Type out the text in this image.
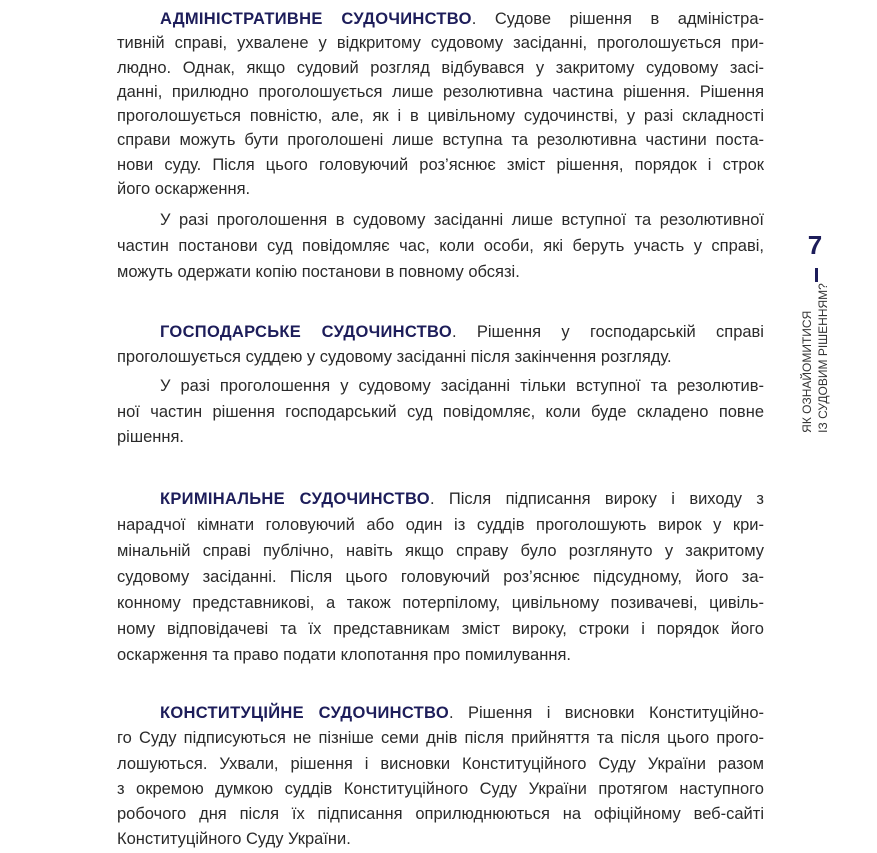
7
ЯК ОЗНАЙОМИТИСЯ ІЗ СУДОВИМ РІШЕННЯМ?
АДМІНІСТРАТИВНЕ СУДОЧИНСТВО. Судове рішення в адміністра-
тивній справі, ухвалене у відкритому судовому засіданні, проголошується при-
людно. Однак, якщо судовий розгляд відбувався у закритому судовому засі-
данні, прилюдно проголошується лише резолютивна частина рішення. Рішення
проголошується повністю, але, як і в цивільному судочинстві, у разі складності
справи можуть бути проголошені лише вступна та резолютивна частини поста-
нови суду. Після цього головуючий роз’яснює зміст рішення, порядок і строк
його оскарження.
У разі проголошення в судовому засіданні лише вступної та резолютивної
частин постанови суд повідомляє час, коли особи, які беруть участь у справі,
можуть одержати копію постанови в повному обсязі.
ГОСПОДАРСЬКЕ СУДОЧИНСТВО. Рішення у господарській справі
проголошується суддею у судовому засіданні після закінчення розгляду.
У разі проголошення у судовому засіданні тільки вступної та резолютив-
ної частин рішення господарський суд повідомляє, коли буде складено повне
рішення.
КРИМІНАЛЬНЕ СУДОЧИНСТВО. Після підписання вироку і виходу з
нарадчої кімнати головуючий або один із суддів проголошують вирок у кри-
мінальній справі публічно, навіть якщо справу було розглянуто у закритому
судовому засіданні. Після цього головуючий роз’яснює підсудному, його за-
конному представникові, а також потерпілому, цивільному позивачеві, цивіль-
ному відповідачеві та їх представникам зміст вироку, строки і порядок його
оскарження та право подати клопотання про помилування.
КОНСТИТУЦІЙНЕ СУДОЧИНСТВО. Рішення і висновки Конституційно-
го Суду підписуються не пізніше семи днів після прийняття та після цього прого-
лошуються. Ухвали, рішення і висновки Конституційного Суду України разом
з окремою думкою суддів Конституційного Суду України протягом наступного
робочого дня після їх підписання оприлюднюються на офіційному веб-сайті
Конституційного Суду України.
